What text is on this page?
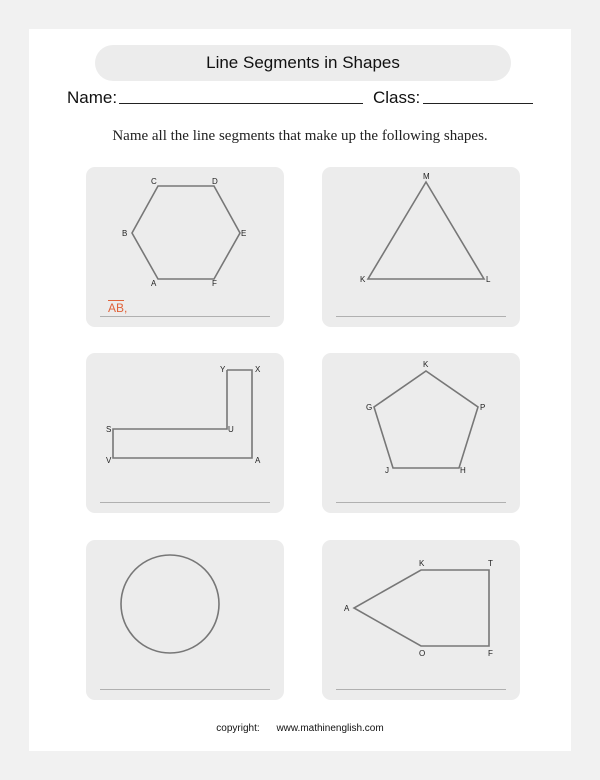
Line Segments in Shapes
Name:	Class:
Name all the line segments that make up the following shapes.
C	D
B	E
A	F
$\overline{AB}$,
M
K	L
Y	X
S	U
V	A
K
G	P
J	H
K	T
A
O	F
copyright: www.mathinenglish.com
